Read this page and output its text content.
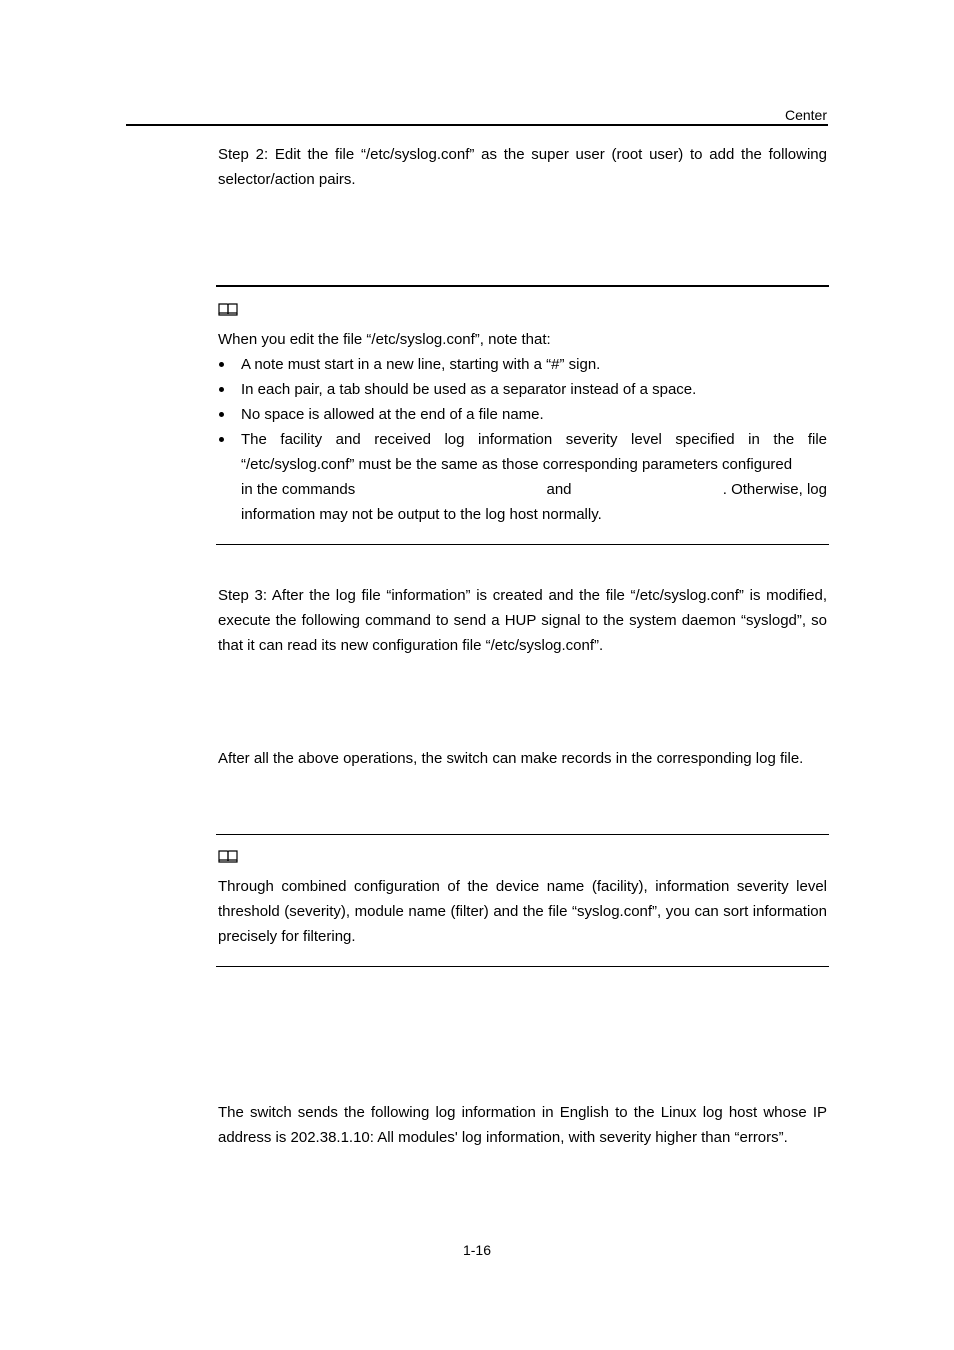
Center
Step 2: Edit the file “/etc/syslog.conf” as the super user (root user) to add the following selector/action pairs.
When you edit the file “/etc/syslog.conf”, note that:
A note must start in a new line, starting with a “#” sign.
In each pair, a tab should be used as a separator instead of a space.
No space is allowed at the end of a file name.
The facility and received log information severity level specified in the file “/etc/syslog.conf” must be the same as those corresponding parameters configured
in the commands	and	. Otherwise, log
information may not be output to the log host normally.
Step 3: After the log file “information” is created and the file “/etc/syslog.conf” is modified, execute the following command to send a HUP signal to the system daemon “syslogd”, so that it can read its new configuration file “/etc/syslog.conf”.
After all the above operations, the switch can make records in the corresponding log file.
Through combined configuration of the device name (facility), information severity level threshold (severity), module name (filter) and the file “syslog.conf”, you can sort information precisely for filtering.
The switch sends the following log information in English to the Linux log host whose IP address is 202.38.1.10: All modules' log information, with severity higher than “errors”.
1-16
